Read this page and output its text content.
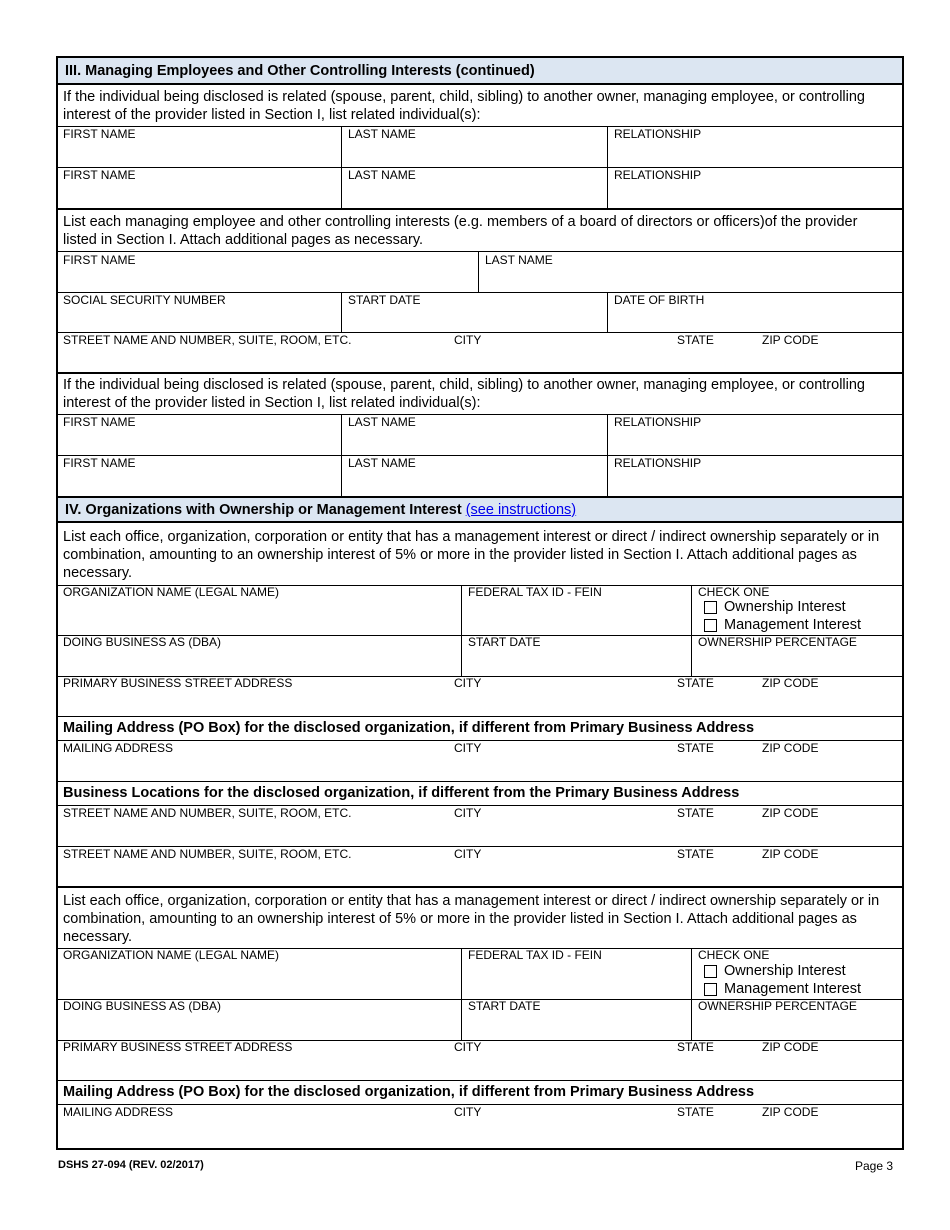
III. Managing Employees and Other Controlling Interests (continued)
If the individual being disclosed is related (spouse, parent, child, sibling) to another owner, managing employee, or controlling interest of the provider listed in Section I, list related individual(s):
FIRST NAME	LAST NAME	RELATIONSHIP
FIRST NAME	LAST NAME	RELATIONSHIP
List each managing employee and other controlling interests (e.g. members of a board of directors or officers)of the provider listed in Section I. Attach additional pages as necessary.
FIRST NAME	LAST NAME
SOCIAL SECURITY NUMBER	START DATE	DATE OF BIRTH
STREET NAME AND NUMBER, SUITE, ROOM, ETC.	CITY	STATE	ZIP CODE
If the individual being disclosed is related (spouse, parent, child, sibling) to another owner, managing employee, or controlling interest of the provider listed in Section I, list related individual(s):
FIRST NAME	LAST NAME	RELATIONSHIP
FIRST NAME	LAST NAME	RELATIONSHIP
IV. Organizations with Ownership or Management Interest (see instructions)
List each office, organization, corporation or entity that has a management interest or direct / indirect ownership separately or in combination, amounting to an ownership interest of 5% or more in the provider listed in Section I. Attach additional pages as necessary.
ORGANIZATION NAME (LEGAL NAME)	FEDERAL TAX ID - FEIN	CHECK ONE
Ownership Interest
Management Interest
DOING BUSINESS AS (DBA)	START DATE	OWNERSHIP PERCENTAGE
PRIMARY BUSINESS STREET ADDRESS	CITY	STATE	ZIP CODE
Mailing Address (PO Box) for the disclosed organization, if different from Primary Business Address
MAILING ADDRESS	CITY	STATE	ZIP CODE
Business Locations for the disclosed organization, if different from the Primary Business Address
STREET NAME AND NUMBER, SUITE, ROOM, ETC.	CITY	STATE	ZIP CODE
STREET NAME AND NUMBER, SUITE, ROOM, ETC.	CITY	STATE	ZIP CODE
List each office, organization, corporation or entity that has a management interest or direct / indirect ownership separately or in combination, amounting to an ownership interest of 5% or more in the provider listed in Section I. Attach additional pages as necessary.
ORGANIZATION NAME (LEGAL NAME)	FEDERAL TAX ID - FEIN	CHECK ONE
Ownership Interest
Management Interest
DOING BUSINESS AS (DBA)	START DATE	OWNERSHIP PERCENTAGE
PRIMARY BUSINESS STREET ADDRESS	CITY	STATE	ZIP CODE
Mailing Address (PO Box) for the disclosed organization, if different from Primary Business Address
MAILING ADDRESS	CITY	STATE	ZIP CODE
DSHS 27-094 (REV. 02/2017)	Page 3
